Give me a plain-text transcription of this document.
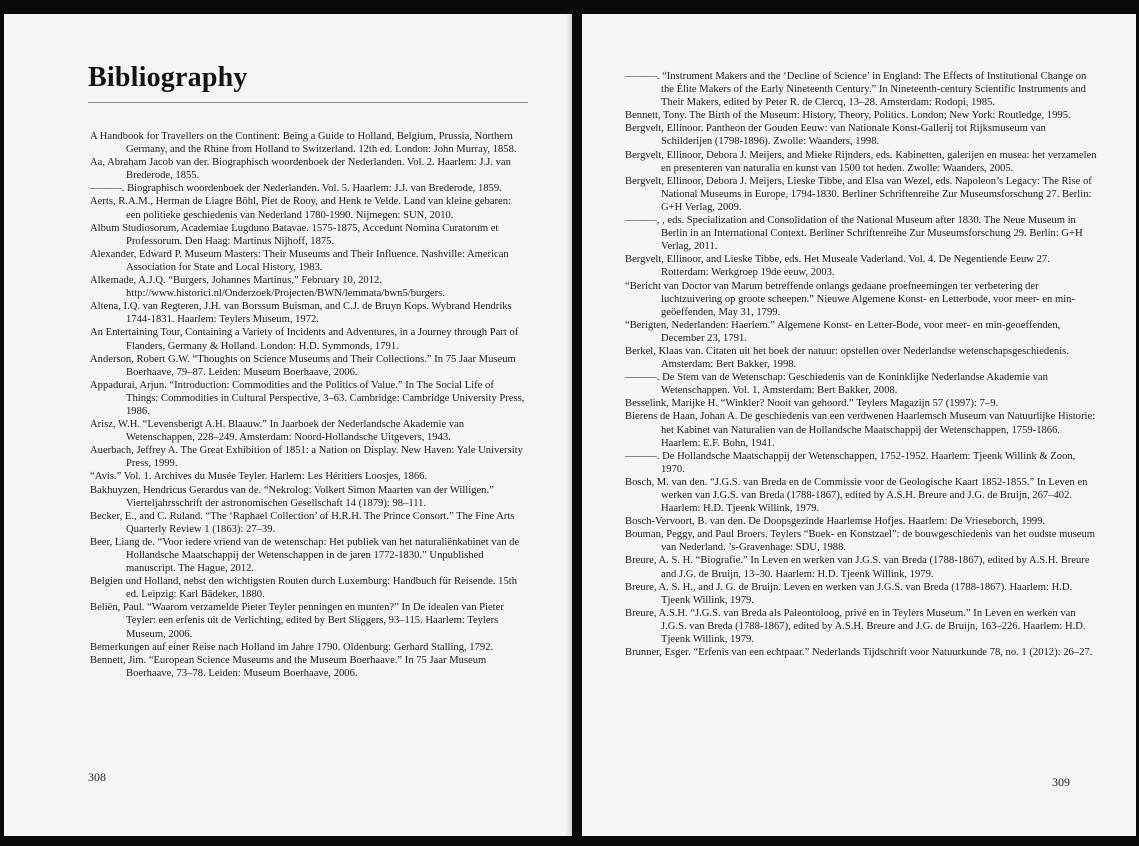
Bibliography
A Handbook for Travellers on the Continent: Being a Guide to Holland, Belgium, Prussia, Northern Germany, and the Rhine from Holland to Switzerland. 12th ed. London: John Murray, 1858.
Aa, Abraham Jacob van der. Biographisch woordenboek der Nederlanden. Vol. 2. Haarlem: J.J. van Brederode, 1855.
———. Biographisch woordenboek der Nederlanden. Vol. 5. Haarlem: J.J. van Brederode, 1859.
Aerts, R.A.M., Herman de Liagre Böhl, Piet de Rooy, and Henk te Velde. Land van kleine gebaren: een politieke geschiedenis van Nederland 1780-1990. Nijmegen: SUN, 2010.
Album Studiosorum, Academiae Lugduno Batavae. 1575-1875, Accedunt Nomina Curatorum et Professorum. Den Haag: Martinus Nijhoff, 1875.
Alexander, Edward P. Museum Masters: Their Museums and Their Influence. Nashville: American Association for State and Local History, 1983.
Alkemade, A.J.Q. “Burgers, Johannes Martinus,” February 10, 2012. http://www.historici.nl/Onderzoek/Projecten/BWN/lemmata/bwn5/burgers.
Altena, I.Q. van Regteren, J.H. van Borssum Buisman, and C.J. de Bruyn Kops. Wybrand Hendriks 1744-1831. Haarlem: Teylers Museum, 1972.
An Entertaining Tour, Containing a Variety of Incidents and Adventures, in a Journey through Part of Flanders, Germany & Holland. London: H.D. Symmonds, 1791.
Anderson, Robert G.W. “Thoughts on Science Museums and Their Collections.” In 75 Jaar Museum Boerhaave, 79–87. Leiden: Museum Boerhaave, 2006.
Appadurai, Arjun. “Introduction: Commodities and the Politics of Value.” In The Social Life of Things: Commodities in Cultural Perspective, 3–63. Cambridge: Cambridge University Press, 1986.
Arisz, W.H. “Levensberigt A.H. Blaauw.” In Jaarboek der Nederlandsche Akademie van Wetenschappen, 228–249. Amsterdam: Noord-Hollandsche Uitgevers, 1943.
Auerbach, Jeffrey A. The Great Exhibition of 1851: a Nation on Display. New Haven: Yale University Press, 1999.
“Avis.” Vol. 1. Archives du Musée Teyler. Harlem: Les Héritiers Loosjes, 1866.
Bakhuyzen, Hendricus Gerardus van de. “Nekrolog: Volkert Simon Maarten van der Willigen.” Vierteljahrsschrift der astronomischen Gesellschaft 14 (1879): 98–111.
Becker, E., and C. Ruland. “The ‘Raphael Collection’ of H.R.H. The Prince Consort.” The Fine Arts Quarterly Review 1 (1863): 27–39.
Beer, Liang de. “Voor iedere vriend van de wetenschap: Het publiek van het naturaliënkabinet van de Hollandsche Maatschappij der Wetenschappen in de jaren 1772-1830.” Unpublished manuscript. The Hague, 2012.
Belgien und Holland, nebst den wichtigsten Routen durch Luxemburg: Handbuch für Reisende. 15th ed. Leipzig: Karl Bädeker, 1880.
Beliën, Paul. “Waarom verzamelde Pieter Teyler penningen en munten?” In De idealen van Pieter Teyler: een erfenis uit de Verlichting, edited by Bert Sliggers, 93–115. Haarlem: Teylers Museum, 2006.
Bemerkungen auf einer Reise nach Holland im Jahre 1790. Oldenburg: Gerhard Stalling, 1792.
Bennett, Jim. “European Science Museums and the Museum Boerhaave.” In 75 Jaar Museum Boerhaave, 73–78. Leiden: Museum Boerhaave, 2006.
308
———. “Instrument Makers and the ‘Decline of Science’ in England: The Effects of Institutional Change on the Élite Makers of the Early Nineteenth Century.” In Nineteenth-century Scientific Instruments and Their Makers, edited by Peter R. de Clercq, 13–28. Amsterdam: Rodopi, 1985.
Bennett, Tony. The Birth of the Museum: History, Theory, Politics. London; New York: Routledge, 1995.
Bergvelt, Ellinoor. Pantheon der Gouden Eeuw: van Nationale Konst-Gallerij tot Rijksmuseum van Schilderijen (1798-1896). Zwolle: Waanders, 1998.
Bergvelt, Ellinoor, Debora J. Meijers, and Mieke Rijnders, eds. Kabinetten, galerijen en musea: het verzamelen en presenteren van naturalia en kunst van 1500 tot heden. Zwolle: Waanders, 2005.
Bergvelt, Ellinoor, Debora J. Meijers, Lieske Tibbe, and Elsa van Wezel, eds. Napoleon’s Legacy: The Rise of National Museums in Europe, 1794-1830. Berliner Schriftenreihe Zur Museumsforschung 27. Berlin: G+H Verlag, 2009.
———, , eds. Specialization and Consolidation of the National Museum after 1830. The Neue Museum in Berlin in an International Context. Berliner Schriftenreihe Zur Museumsforschung 29. Berlin: G+H Verlag, 2011.
Bergvelt, Ellinoor, and Lieske Tibbe, eds. Het Museale Vaderland. Vol. 4. De Negentiende Eeuw 27. Rotterdam: Werkgroep 19de eeuw, 2003.
“Bericht van Doctor van Marum betreffende onlangs gedaane proefneemingen ter verbetering der luchtzuivering op groote scheepen.” Nieuwe Algemene Konst- en Letterbode, voor meer- en min-geöeffenden, May 31, 1799.
“Berigten, Nederlanden: Haerlem.” Algemene Konst- en Letter-Bode, voor meer- en min-geoeffenden, December 23, 1791.
Berkel, Klaas van. Citaten uit het boek der natuur: opstellen over Nederlandse wetenschapsgeschiedenis. Amsterdam: Bert Bakker, 1998.
———. De Stem van de Wetenschap: Geschiedenis van de Koninklijke Nederlandse Akademie van Wetenschappen. Vol. 1. Amsterdam: Bert Bakker, 2008.
Besselink, Marijke H. “Winkler? Nooit van gehoord.” Teylers Magazijn 57 (1997): 7–9.
Bierens de Haan, Johan A. De geschiedenis van een verdwenen Haarlemsch Museum van Natuurlijke Historie: het Kabinet van Naturalien van de Hollandsche Maatschappij der Wetenschappen, 1759-1866. Haarlem: E.F. Bohn, 1941.
———. De Hollandsche Maatschappij der Wetenschappen, 1752-1952. Haarlem: Tjeenk Willink & Zoon, 1970.
Bosch, M. van den. “J.G.S. van Breda en de Commissie voor de Geologische Kaart 1852-1855.” In Leven en werken van J.G.S. van Breda (1788-1867), edited by A.S.H. Breure and J.G. de Bruijn, 267–402. Haarlem: H.D. Tjeenk Willink, 1979.
Bosch-Vervoort, B. van den. De Doopsgezinde Haarlemse Hofjes. Haarlem: De Vrieseborch, 1999.
Bouman, Peggy, and Paul Broers. Teylers “Boek- en Konstzael”: de bouwgeschiedenis van het oudste museum van Nederland. ’s-Gravenhage: SDU, 1988.
Breure, A. S. H. “Biografie.” In Leven en werken van J.G.S. van Breda (1788-1867), edited by A.S.H. Breure and J.G. de Bruijn, 13–30. Haarlem: H.D. Tjeenk Willink, 1979.
Breure, A. S. H., and J. G. de Bruijn. Leven en werken van J.G.S. van Breda (1788-1867). Haarlem: H.D. Tjeenk Willink, 1979.
Breure, A.S.H. “J.G.S. van Breda als Paleontoloog, privé en in Teylers Museum.” In Leven en werken van J.G.S. van Breda (1788-1867), edited by A.S.H. Breure and J.G. de Bruijn, 163–226. Haarlem: H.D. Tjeenk Willink, 1979.
Brunner, Esger. “Erfenis van een echtpaar.” Nederlands Tijdschrift voor Natuurkunde 78, no. 1 (2012): 26–27.
309
